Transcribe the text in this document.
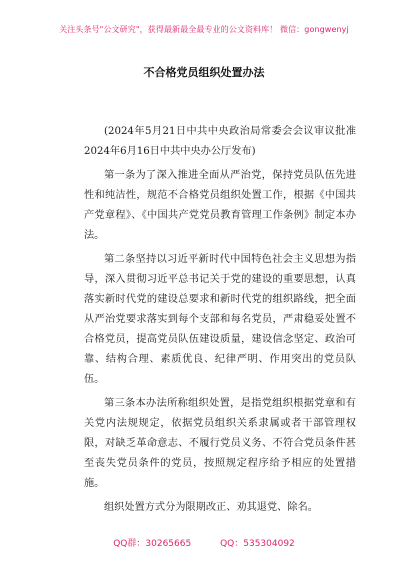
关注头条号"公文研究"，获得最新最全最专业的公文资料库！ 微信：gongwenyj
不合格党员组织处置办法

(2024年5月21日中共中央政治局常委会会议审议批准2024年6月16日中共中央办公厅发布)

第一条为了深入推进全面从严治党，保持党员队伍先进性和纯洁性，规范不合格党员组织处置工作，根据《中国共产党章程》、《中国共产党党员教育管理工作条例》制定本办法。

第二条坚持以习近平新时代中国特色社会主义思想为指导，深入贯彻习近平总书记关于党的建设的重要思想，认真落实新时代党的建设总要求和新时代党的组织路线，把全面从严治党要求落实到每个支部和每名党员，严肃稳妥处置不合格党员，提高党员队伍建设质量，建设信念坚定、政治可靠、结构合理、素质优良、纪律严明、作用突出的党员队伍。

第三条本办法所称组织处置，是指党组织根据党章和有关党内法规规定，依据党员组织关系隶属或者干部管理权限，对缺乏革命意志、不履行党员义务、不符合党员条件甚至丧失党员条件的党员，按照规定程序给予相应的处置措施。

组织处置方式分为限期改正、劝其退党、除名。

QQ群：30265665	QQ：535304092
